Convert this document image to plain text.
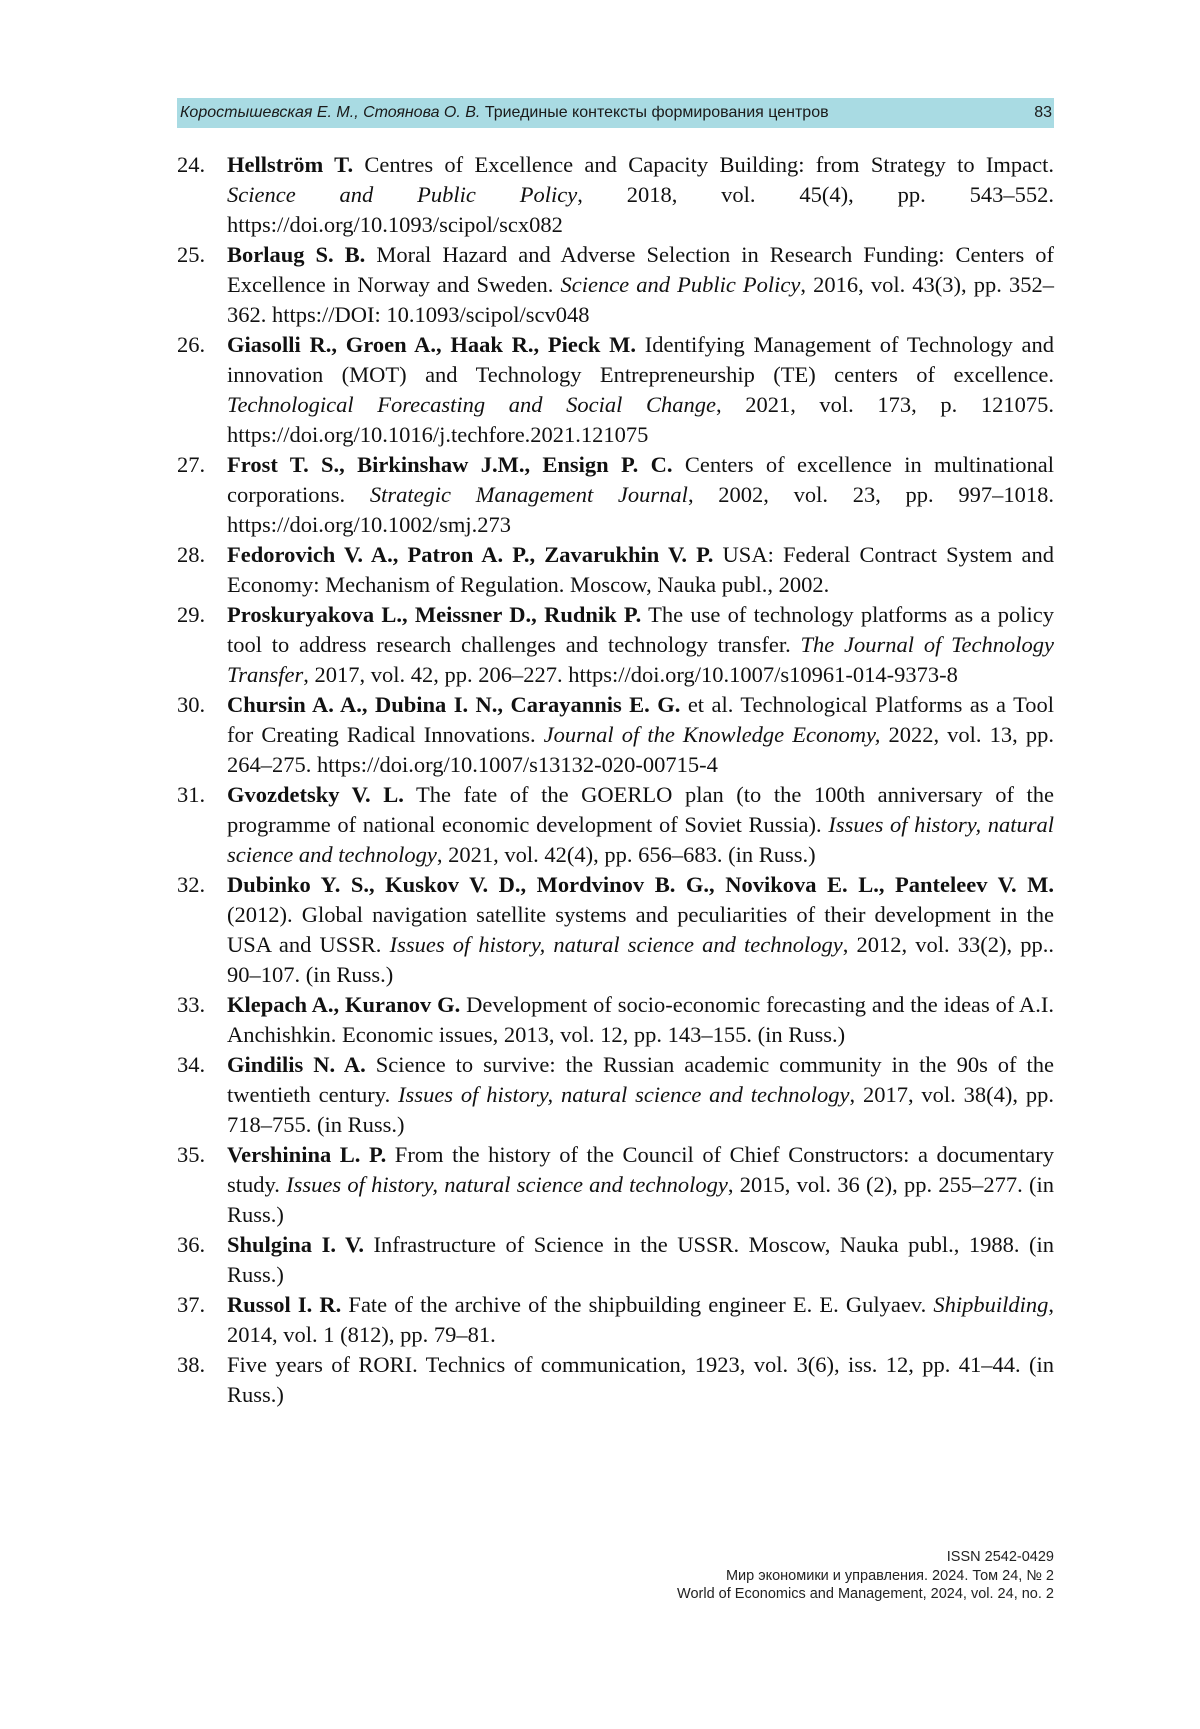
Коростышевская Е. М., Стоянова О. В. Триединые контексты формирования центров	83
24. Hellström T. Centres of Excellence and Capacity Building: from Strategy to Impact. Science and Public Policy, 2018, vol. 45(4), pp. 543–552. https://doi.org/10.1093/scipol/scx082
25. Borlaug S. B. Moral Hazard and Adverse Selection in Research Funding: Centers of Excellence in Norway and Sweden. Science and Public Policy, 2016, vol. 43(3), pp. 352–362. https://DOI: 10.1093/scipol/scv048
26. Giasolli R., Groen A., Haak R., Pieck M. Identifying Management of Technology and innovation (MOT) and Technology Entrepreneurship (TE) centers of excellence. Technological Forecasting and Social Change, 2021, vol. 173, p. 121075. https://doi.org/10.1016/j.techfore.2021.121075
27. Frost T. S., Birkinshaw J.M., Ensign P. C. Centers of excellence in multinational corporations. Strategic Management Journal, 2002, vol. 23, pp. 997–1018. https://doi.org/10.1002/smj.273
28. Fedorovich V. A., Patron A. P., Zavarukhin V. P. USA: Federal Contract System and Economy: Mechanism of Regulation. Moscow, Nauka publ., 2002.
29. Proskuryakova L., Meissner D., Rudnik P. The use of technology platforms as a policy tool to address research challenges and technology transfer. The Journal of Technology Transfer, 2017, vol. 42, pp. 206–227. https://doi.org/10.1007/s10961-014-9373-8
30. Chursin A. A., Dubina I. N., Carayannis E. G. et al. Technological Platforms as a Tool for Creating Radical Innovations. Journal of the Knowledge Economy, 2022, vol. 13, pp. 264–275. https://doi.org/10.1007/s13132-020-00715-4
31. Gvozdetsky V. L. The fate of the GOERLO plan (to the 100th anniversary of the programme of national economic development of Soviet Russia). Issues of history, natural science and technology, 2021, vol. 42(4), pp. 656–683. (in Russ.)
32. Dubinko Y. S., Kuskov V. D., Mordvinov B. G., Novikova E. L., Panteleev V. M. (2012). Global navigation satellite systems and peculiarities of their development in the USA and USSR. Issues of history, natural science and technology, 2012, vol. 33(2), pp.. 90–107. (in Russ.)
33. Klepach A., Kuranov G. Development of socio-economic forecasting and the ideas of A.I. Anchishkin. Economic issues, 2013, vol. 12, pp. 143–155. (in Russ.)
34. Gindilis N. A. Science to survive: the Russian academic community in the 90s of the twentieth century. Issues of history, natural science and technology, 2017, vol. 38(4), pp. 718–755. (in Russ.)
35. Vershinina L. P. From the history of the Council of Chief Constructors: a documentary study. Issues of history, natural science and technology, 2015, vol. 36 (2), pp. 255–277. (in Russ.)
36. Shulgina I. V. Infrastructure of Science in the USSR. Moscow, Nauka publ., 1988. (in Russ.)
37. Russol I. R. Fate of the archive of the shipbuilding engineer E. E. Gulyaev. Shipbuilding, 2014, vol. 1 (812), pp. 79–81.
38. Five years of RORI. Technics of communication, 1923, vol. 3(6), iss. 12, pp. 41–44. (in Russ.)
ISSN 2542-0429
Мир экономики и управления. 2024. Том 24, № 2
World of Economics and Management, 2024, vol. 24, no. 2
